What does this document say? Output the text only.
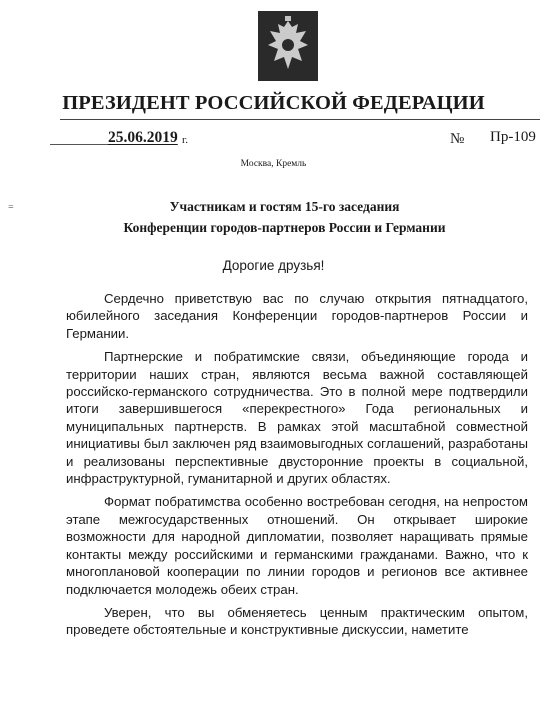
ПРЕЗИДЕНТ РОССИЙСКОЙ ФЕДЕРАЦИИ
25.06.2019 г.	№ Пр-109
Москва, Кремль
=	Участникам и гостям 15-го заседания
Конференции городов-партнеров России и Германии
Дорогие друзья!

Сердечно приветствую вас по случаю открытия пятнадцатого, юбилейного заседания Конференции городов-партнеров России и Германии.

Партнерские и побратимские связи, объединяющие города и территории наших стран, являются весьма важной составляющей российско-германского сотрудничества. Это в полной мере подтвердили итоги завершившегося «перекрестного» Года региональных и муниципальных партнерств. В рамках этой масштабной совместной инициативы был заключен ряд взаимовыгодных соглашений, разработаны и реализованы перспективные двусторонние проекты в социальной, инфраструктурной, гуманитарной и других областях.

Формат побратимства особенно востребован сегодня, на непростом этапе межгосударственных отношений. Он открывает широкие возможности для народной дипломатии, позволяет наращивать прямые контакты между российскими и германскими гражданами. Важно, что к многоплановой кооперации по линии городов и регионов все активнее подключается молодежь обеих стран.

Уверен, что вы обменяетесь ценным практическим опытом, проведете обстоятельные и конструктивные дискуссии, наметите
